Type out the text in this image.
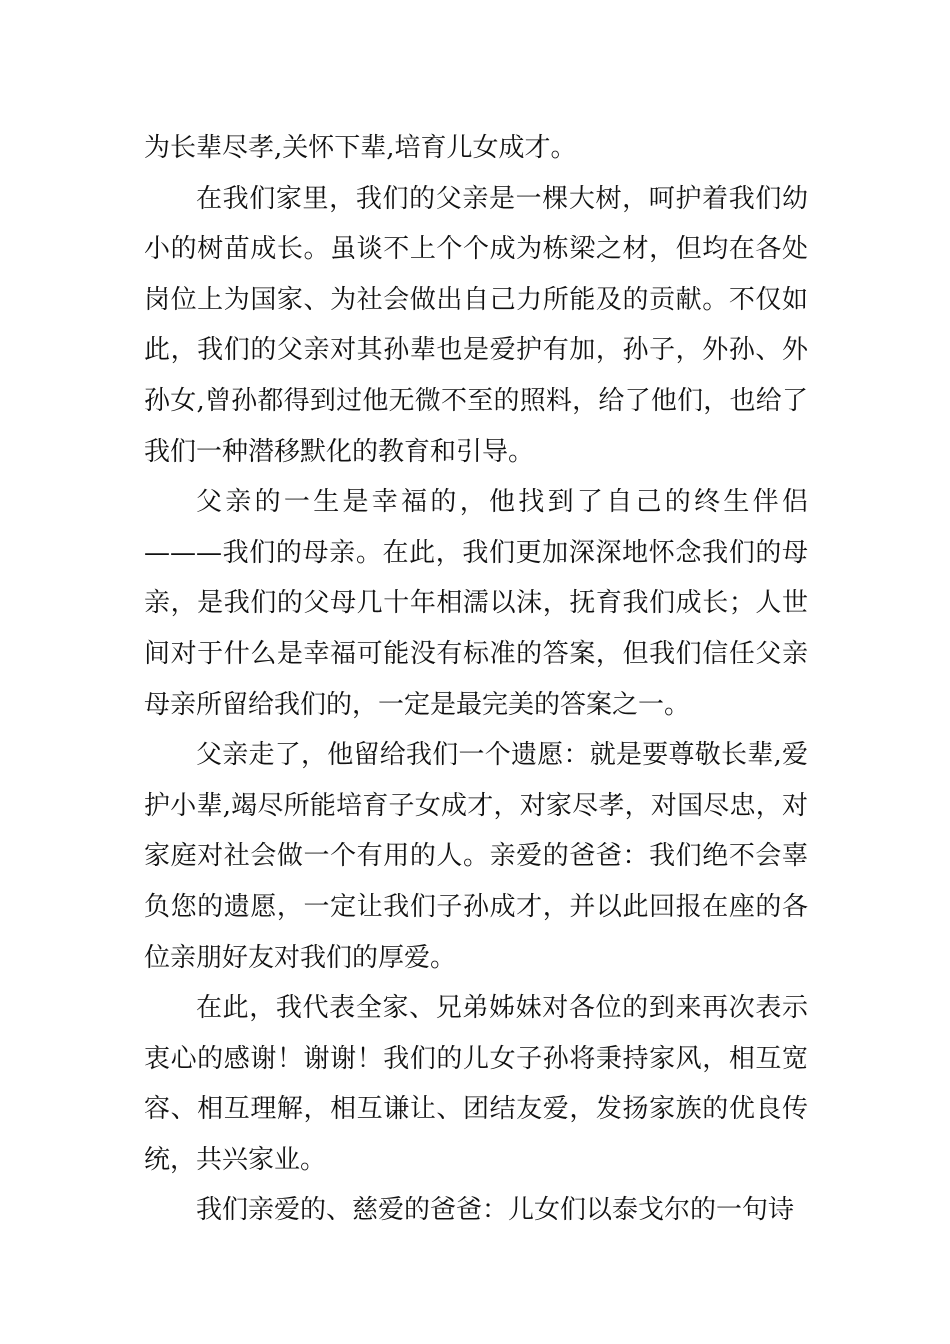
为长辈尽孝,关怀下辈,培育儿女成才。

在我们家里，我们的父亲是一棵大树，呵护着我们幼小的树苗成长。虽谈不上个个成为栋梁之材，但均在各处岗位上为国家、为社会做出自己力所能及的贡献。不仅如此，我们的父亲对其孙辈也是爱护有加，孙子，外孙、外孙女,曾孙都得到过他无微不至的照料，给了他们，也给了我们一种潜移默化的教育和引导。

父亲的一生是幸福的，他找到了自己的终生伴侣———我们的母亲。在此，我们更加深深地怀念我们的母亲，是我们的父母几十年相濡以沫，抚育我们成长；人世间对于什么是幸福可能没有标准的答案，但我们信任父亲母亲所留给我们的，一定是最完美的答案之一。

父亲走了，他留给我们一个遗愿：就是要尊敬长辈,爱护小辈,竭尽所能培育子女成才，对家尽孝，对国尽忠，对家庭对社会做一个有用的人。亲爱的爸爸：我们绝不会辜负您的遗愿，一定让我们子孙成才，并以此回报在座的各位亲朋好友对我们的厚爱。

在此，我代表全家、兄弟姊妹对各位的到来再次表示衷心的感谢！谢谢！我们的儿女子孙将秉持家风，相互宽容、相互理解，相互谦让、团结友爱，发扬家族的优良传统，共兴家业。

我们亲爱的、慈爱的爸爸：儿女们以泰戈尔的一句诗
